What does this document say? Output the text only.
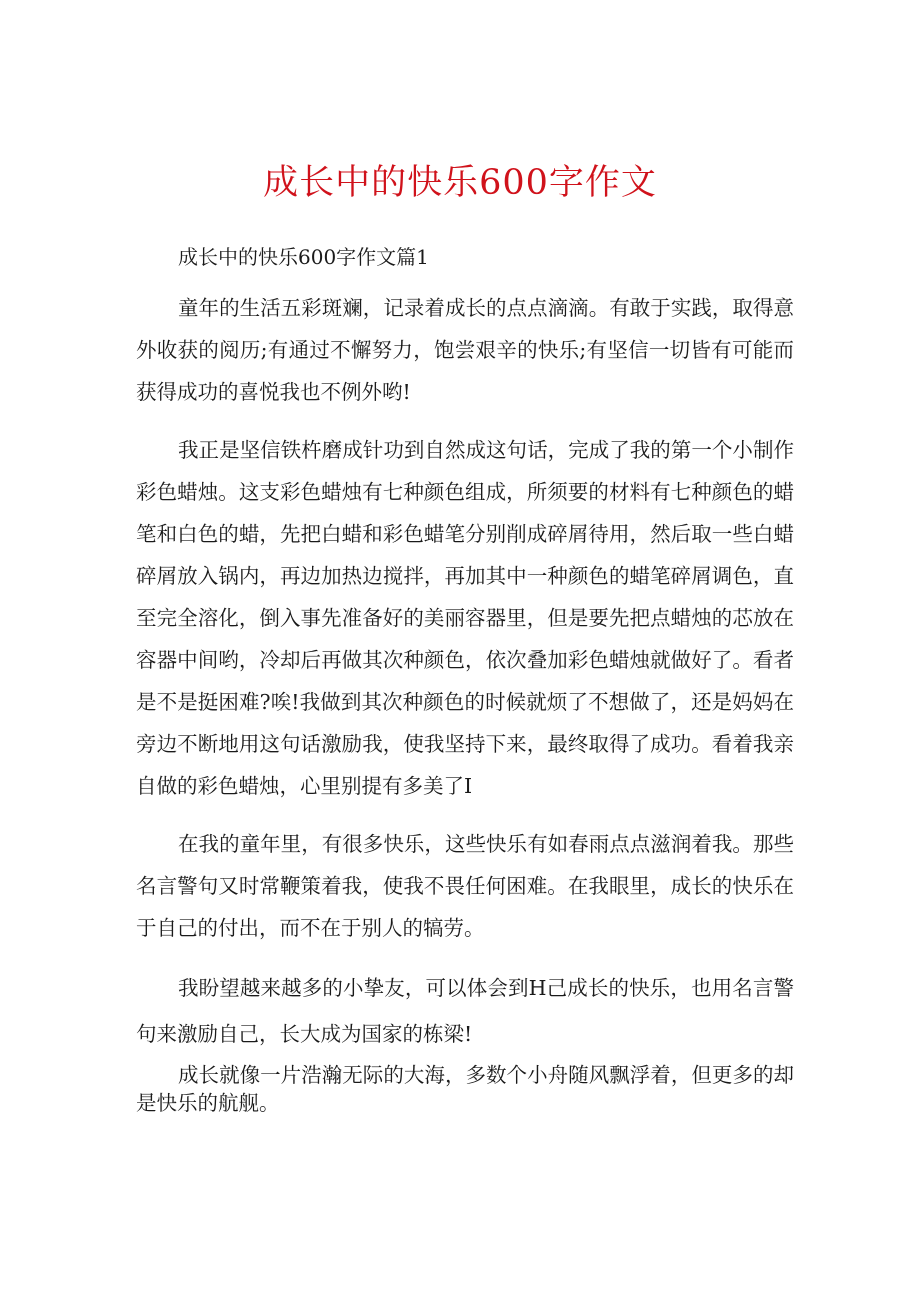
成长中的快乐600字作文
成长中的快乐600字作文篇1

童年的生活五彩斑斓，记录着成长的点点滴滴。有敢于实践，取得意外收获的阅历;有通过不懈努力，饱尝艰辛的快乐;有坚信一切皆有可能而获得成功的喜悦我也不例外哟!

我正是坚信铁杵磨成针功到自然成这句话，完成了我的第一个小制作彩色蜡烛。这支彩色蜡烛有七种颜色组成，所须要的材料有七种颜色的蜡笔和白色的蜡，先把白蜡和彩色蜡笔分别削成碎屑待用，然后取一些白蜡碎屑放入锅内，再边加热边搅拌，再加其中一种颜色的蜡笔碎屑调色，直至完全溶化，倒入事先准备好的美丽容器里，但是要先把点蜡烛的芯放在容器中间哟，冷却后再做其次种颜色，依次叠加彩色蜡烛就做好了。看者是不是挺困难?唉!我做到其次种颜色的时候就烦了不想做了，还是妈妈在旁边不断地用这句话激励我，使我坚持下来，最终取得了成功。看着我亲自做的彩色蜡烛，心里别提有多美了I

在我的童年里，有很多快乐，这些快乐有如春雨点点滋润着我。那些名言警句又时常鞭策着我，使我不畏任何困难。在我眼里，成长的快乐在于自己的付出，而不在于别人的犒劳。

我盼望越来越多的小挚友，可以体会到H己成长的快乐，也用名言警句来激励自己，长大成为国家的栋梁!

成长就像一片浩瀚无际的大海，多数个小舟随风飘浮着，但更多的却是快乐的航舰。
